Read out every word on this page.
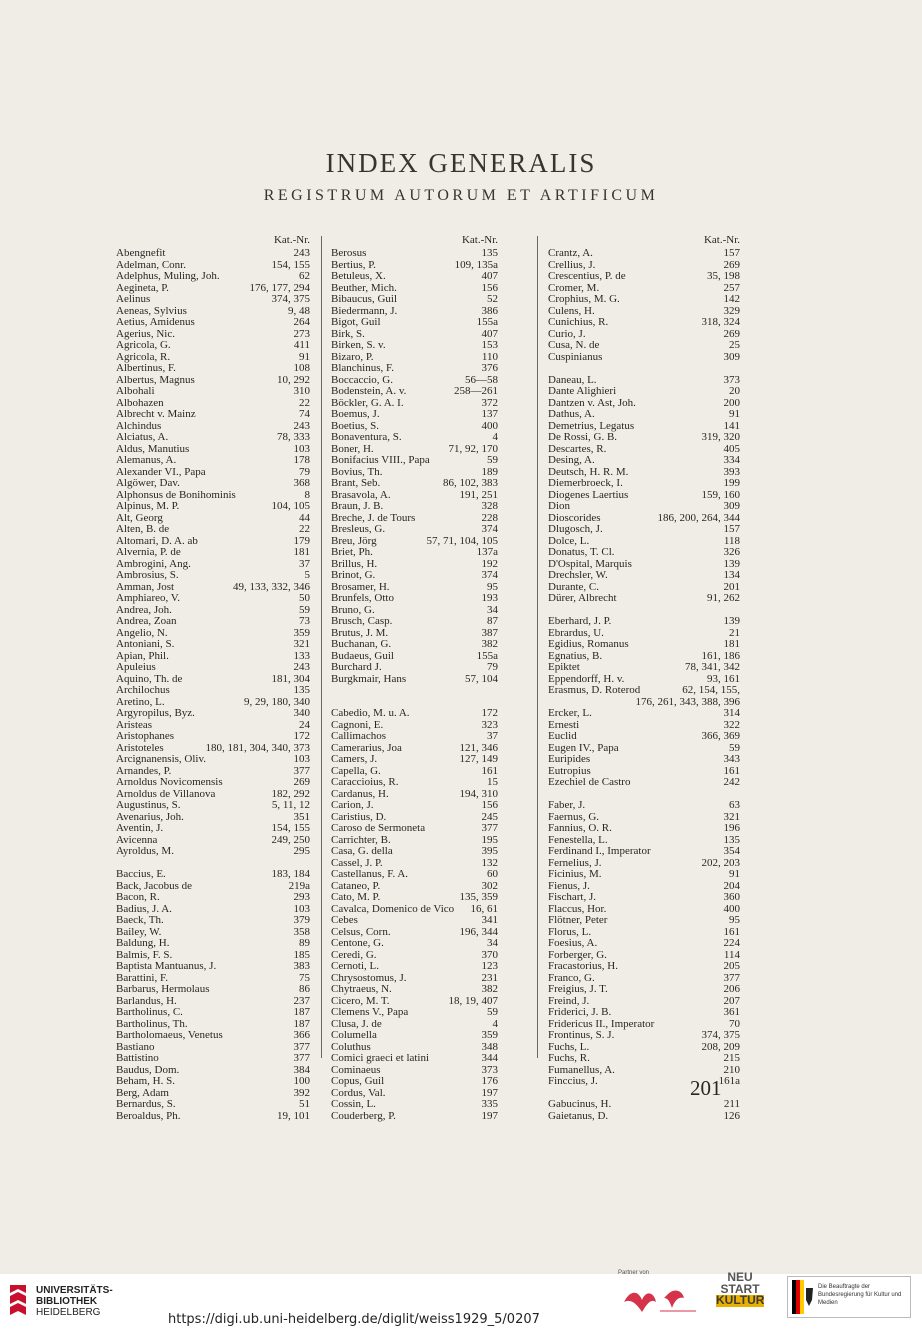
INDEX GENERALIS
REGISTRUM AUTORUM ET ARTIFICUM
Kat.-Nr.
Abengnefit	243
Adelman, Conr.	154, 155
Adelphus, Muling, Joh.	62
Aegineta, P.	176, 177, 294
Aelinus	374, 375
Aeneas, Sylvius	9, 48
Aetius, Amidenus	264
Agerius, Nic.	273
Agricola, G.	411
Agricola, R.	91
Albertinus, F.	108
Albertus, Magnus	10, 292
Albohali	310
Albohazen	22
Albrecht v. Mainz	74
Alchindus	243
Alciatus, A.	78, 333
Aldus, Manutius	103
Alemanus, A.	178
Alexander VI., Papa	79
Algöwer, Dav.	368
Alphonsus de Bonihominis	8
Alpinus, M. P.	104, 105
Alt, Georg	44
Alten, B. de	22
Altomari, D. A. ab	179
Alvernia, P. de	181
Ambrogini, Ang.	37
Ambrosius, S.	5
Amman, Jost	49, 133, 332, 346
Amphiareo, V.	50
Andrea, Joh.	59
Andrea, Zoan	73
Angelio, N.	359
Antoniani, S.	321
Apian, Phil.	133
Apuleius	243
Aquino, Th. de	181, 304
Archilochus	135
Aretino, L.	9, 29, 180, 340
Argyropilus, Byz.	340
Aristeas	24
Aristophanes	172
Aristoteles	180, 181, 304, 340, 373
Arcignanensis, Oliv.	103
Arnandes, P.	377
Arnoldus Novicomensis	269
Arnoldus de Villanova	182, 292
Augustinus, S.	5, 11, 12
Avenarius, Joh.	351
Aventin, J.	154, 155
Avicenna	249, 250
Ayroldus, M.	295
Baccius, E.	183, 184
Back, Jacobus de	219a
Bacon, R.	293
Badius, J. A.	103
Baeck, Th.	379
Bailey, W.	358
Baldung, H.	89
Balmis, F. S.	185
Baptista Mantuanus, J.	383
Barattini, F.	75
Barbarus, Hermolaus	86
Barlandus, H.	237
Bartholinus, C.	187
Bartholinus, Th.	187
Bartholomaeus, Venetus	366
Bastiano	377
Battistino	377
Baudus, Dom.	384
Beham, H. S.	100
Berg, Adam	392
Bernardus, S.	51
Beroaldus, Ph.	19, 101
Kat.-Nr.
Berosus	135
Bertius, P.	109, 135a
Betuleus, X.	407
Beuther, Mich.	156
Bibaucus, Guil	52
Biedermann, J.	386
Bigot, Guil	155a
Birk, S.	407
Birken, S. v.	153
Bizaro, P.	110
Blanchinus, F.	376
Boccaccio, G.	56—58
Bodenstein, A. v.	258—261
Böckler, G. A. I.	372
Boemus, J.	137
Boetius, S.	400
Bonaventura, S.	4
Boner, H.	71, 92, 170
Bonifacius VIII., Papa	59
Bovius, Th.	189
Brant, Seb.	86, 102, 383
Brasavola, A.	191, 251
Braun, J. B.	328
Breche, J. de Tours	228
Bresleus, G.	374
Breu, Jörg	57, 71, 104, 105
Briet, Ph.	137a
Brillus, H.	192
Brinot, G.	374
Brosamer, H.	95
Brunfels, Otto	193
Bruno, G.	34
Brusch, Casp.	87
Brutus, J. M.	387
Buchanan, G.	382
Budaeus, Guil	155a
Burchard J.	79
Burgkmair, Hans	57, 104
Cabedio, M. u. A.	172
Cagnoni, E.	323
Callimachos	37
Camerarius, Joa	121, 346
Camers, J.	127, 149
Capella, G.	161
Caraccioius, R.	15
Cardanus, H.	194, 310
Carion, J.	156
Caristius, D.	245
Caroso de Sermoneta	377
Carrichter, B.	195
Casa, G. della	395
Cassel, J. P.	132
Castellanus, F. A.	60
Cataneo, P.	302
Cato, M. P.	135, 359
Cavalca, Domenico de Vico 16, 61
Cebes	341
Celsus, Corn.	196, 344
Centone, G.	34
Ceredi, G.	370
Cernoti, L.	123
Chrysostomus, J.	231
Chytraeus, N.	382
Cicero, M. T.	18, 19, 407
Clemens V., Papa	59
Clusa, J. de	4
Columella	359
Coluthus	348
Comici graeci et latini	344
Cominaeus	373
Copus, Guil	176
Cordus, Val.	197
Cossin, L.	335
Couderberg, P.	197
Kat.-Nr.
Crantz, A.	157
Crellius, J.	269
Crescentius, P. de	35, 198
Cromer, M.	257
Crophius, M. G.	142
Culens, H.	329
Cunichius, R.	318, 324
Curio, J.	269
Cusa, N. de	25
Cuspinianus	309
Daneau, L.	373
Dante Alighieri	20
Dantzen v. Ast, Joh.	200
Dathus, A.	91
Demetrius, Legatus	141
De Rossi, G. B.	319, 320
Descartes, R.	405
Desing, A.	334
Deutsch, H. R. M.	393
Diemerbroeck, I.	199
Diogenes Laertius	159, 160
Dion	309
Dioscorides	186, 200, 264, 344
Dlugosch, J.	157
Dolce, L.	118
Donatus, T. Cl.	326
D'Ospital, Marquis	139
Drechsler, W.	134
Durante, C.	201
Dürer, Albrecht	91, 262
Eberhard, J. P.	139
Ebrardus, U.	21
Egidius, Romanus	181
Egnatius, B.	161, 186
Epiktet	78, 341, 342
Eppendorff, H. v.	93, 161
Erasmus, D. Roterod	62, 154, 155,
176, 261, 343, 388, 396
Ercker, L.	314
Ernesti	322
Euclid	366, 369
Eugen IV., Papa	59
Euripides	343
Eutropius	161
Ezechiel de Castro	242
Faber, J.	63
Faernus, G.	321
Fannius, O. R.	196
Fenestella, L.	135
Ferdinand I., Imperator	354
Fernelius, J.	202, 203
Ficinius, M.	91
Fienus, J.	204
Fischart, J.	360
Flaccus, Hor.	400
Flötner, Peter	95
Florus, L.	161
Foesius, A.	224
Forberger, G.	114
Fracastorius, H.	205
Franco, G.	377
Freigius, J. T.	206
Freind, J.	207
Friderici, J. B.	361
Fridericus II., Imperator	70
Frontinus, S. J.	374, 375
Fuchs, L.	208, 209
Fuchs, R.	215
Fumanellus, A.	210
Finccius, J.	161a
Gabucinus, H.	211
Gaietanus, D.	126
201
UNIVERSITÄTS-
BIBLIOTHEK
HEIDELBERG	https://digi.ub.uni-heidelberg.de/diglit/weiss1929_5/0207
Partner von	NEU
START
KULTUR
Die Beauftragte der Bundesregierung für Kultur und Medien
